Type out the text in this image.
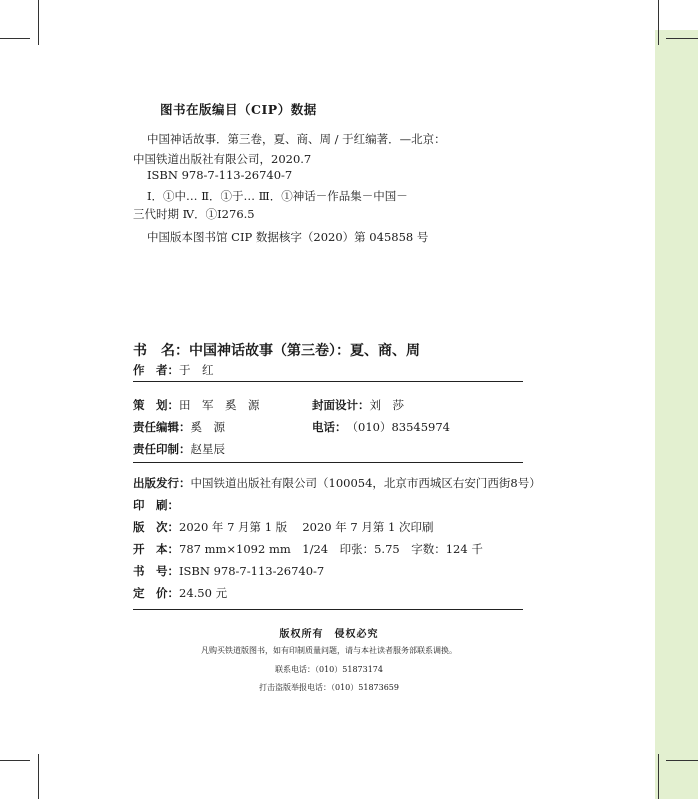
图书在版编目（CIP）数据
中国神话故事．第三卷，夏、商、周 / 于红编著．—北京：
中国铁道出版社有限公司，2020.7
ISBN 978-7-113-26740-7
Ⅰ．①中… Ⅱ．①于… Ⅲ．①神话－作品集－中国－
三代时期 Ⅳ．①I276.5
中国版本图书馆 CIP 数据核字（2020）第 045858 号
书　名：中国神话故事（第三卷）：夏、商、周
作　者：于　红
策　划：田　军　奚　源	封面设计：刘　莎
责任编辑：奚　源	电话：（010）83545974
责任印制：赵星辰
出版发行：中国铁道出版社有限公司（100054，北京市西城区右安门西街8号）
印　刷：
版　次：2020 年 7 月第 1 版　 2020 年 7 月第 1 次印刷
开　本：787 mm×1092 mm　1/24　印张：5.75　字数：124 千
书　号：ISBN 978-7-113-26740-7
定　价：24.50 元
版权所有　侵权必究
凡购买铁道版图书，如有印制质量问题，请与本社读者服务部联系调换。
联系电话：（010）51873174
打击盗版举报电话：（010）51873659
